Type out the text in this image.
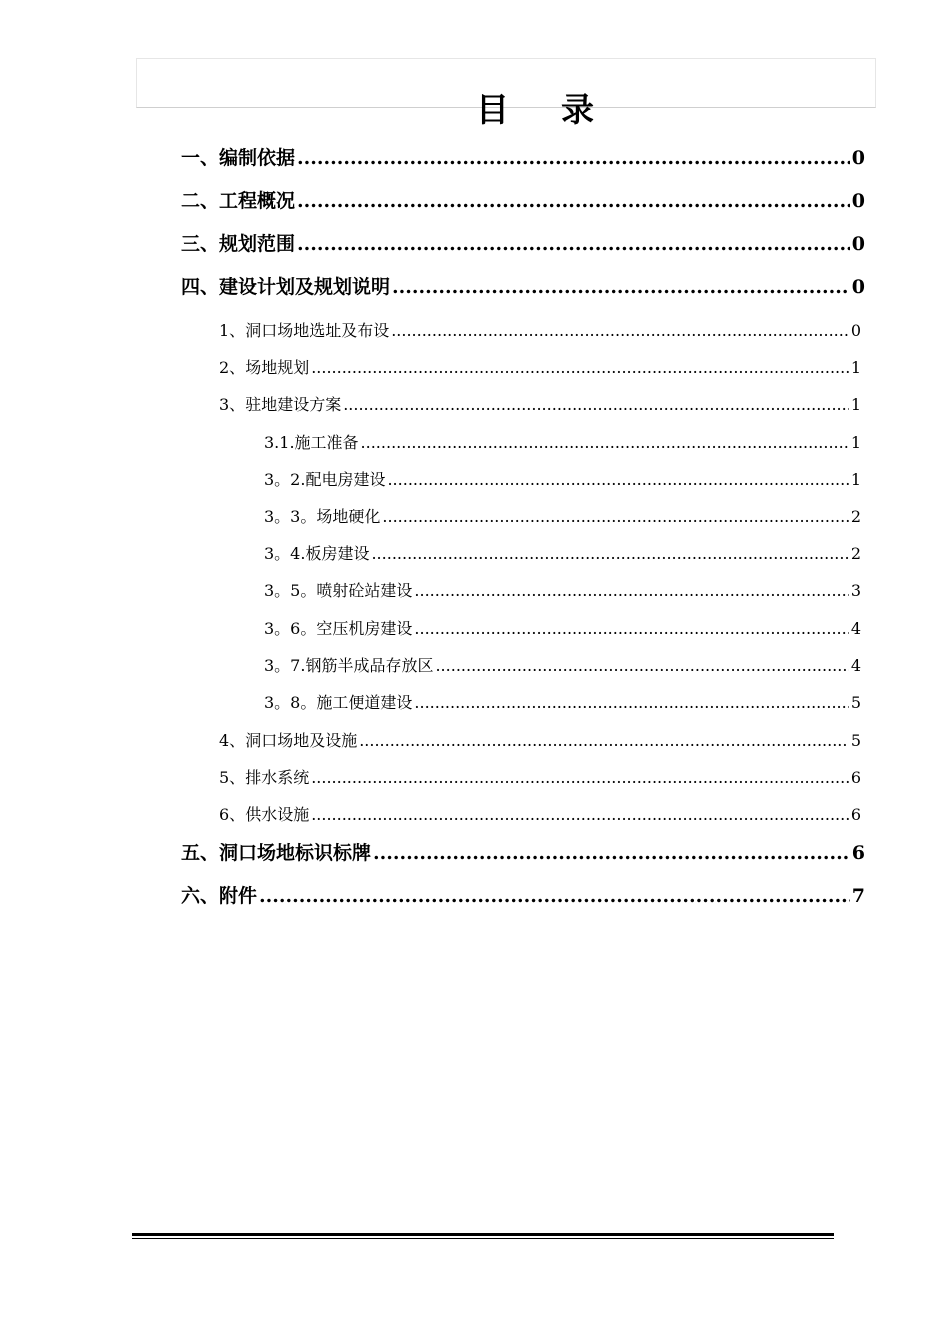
目 录
一、 编制依据 .....	0
二、 工程概况 .....	0
三、 规划范围 .....	0
四、 建设计划及规划说明 .....	0
1、 洞口场地选址及布设 .....	0
2、 场地规划 .....	1
3、 驻地建设方案 .....	1
3.1. 施工准备 .....	1
3。2. 配电房建设 .....	1
3。3。 场地硬化 .....	2
3。4. 板房建设 .....	2
3。5。 喷射砼站建设 .....	3
3。6。 空压机房建设 .....	4
3。7. 钢筋半成品存放区 .....	4
3。8。 施工便道建设 .....	5
4、 洞口场地及设施 .....	5
5、 排水系统 .....	6
6、 供水设施 .....	6
五、 洞口场地标识标牌 .....	6
六、 附件 .....	7
